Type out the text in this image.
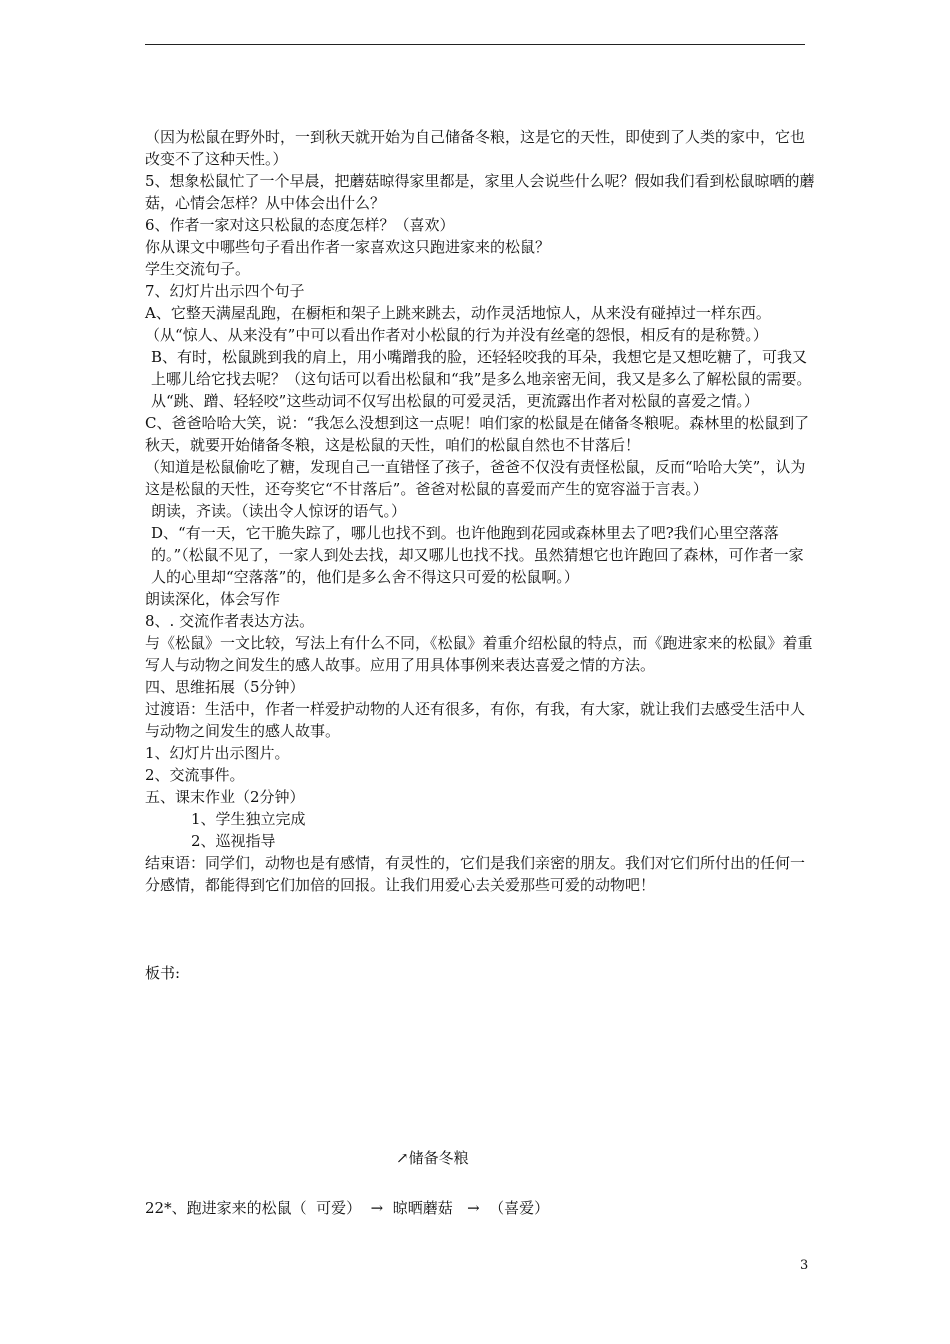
（因为松鼠在野外时，一到秋天就开始为自己储备冬粮，这是它的天性，即使到了人类的家中，它也改变不了这种天性。）

5、想象松鼠忙了一个早晨，把蘑菇晾得家里都是，家里人会说些什么呢？假如我们看到松鼠晾晒的蘑菇，心情会怎样？从中体会出什么？

6、作者一家对这只松鼠的态度怎样？（喜欢）

你从课文中哪些句子看出作者一家喜欢这只跑进家来的松鼠？

学生交流句子。

7、幻灯片出示四个句子

A、它整天满屋乱跑，在橱柜和架子上跳来跳去，动作灵活地惊人，从来没有碰掉过一样东西。（从“惊人、从来没有”中可以看出作者对小松鼠的行为并没有丝毫的怨恨，相反有的是称赞。）

B、有时，松鼠跳到我的肩上，用小嘴蹭我的脸，还轻轻咬我的耳朵，我想它是又想吃糖了，可我又上哪儿给它找去呢？（这句话可以看出松鼠和“我”是多么地亲密无间，我又是多么了解松鼠的需要。从“跳、蹭、轻轻咬”这些动词不仅写出松鼠的可爱灵活，更流露出作者对松鼠的喜爱之情。）

C、爸爸哈哈大笑，说：“我怎么没想到这一点呢！咱们家的松鼠是在储备冬粮呢。森林里的松鼠到了秋天，就要开始储备冬粮，这是松鼠的天性，咱们的松鼠自然也不甘落后！

（知道是松鼠偷吃了糖，发现自己一直错怪了孩子，爸爸不仅没有责怪松鼠，反而“哈哈大笑”，认为这是松鼠的天性，还夸奖它“不甘落后”。爸爸对松鼠的喜爱而产生的宽容溢于言表。）

朗读，齐读。（读出令人惊讶的语气。）

D、“有一天，它干脆失踪了，哪儿也找不到。也许他跑到花园或森林里去了吧?我们心里空落落的。”（松鼠不见了，一家人到处去找，却又哪儿也找不找。虽然猜想它也许跑回了森林，可作者一家人的心里却“空落落”的，他们是多么舍不得这只可爱的松鼠啊。）

朗读深化，体会写作

8、. 交流作者表达方法。

与《松鼠》一文比较，写法上有什么不同，《松鼠》着重介绍松鼠的特点，而《跑进家来的松鼠》着重写人与动物之间发生的感人故事。应用了用具体事例来表达喜爱之情的方法。

四、思维拓展（5分钟）

过渡语：生活中，作者一样爱护动物的人还有很多，有你，有我，有大家，就让我们去感受生活中人与动物之间发生的感人故事。

1、幻灯片出示图片。

2、交流事件。

五、课末作业（2分钟）

1、学生独立完成

2、巡视指导

结束语：同学们，动物也是有感情，有灵性的，它们是我们亲密的朋友。我们对它们所付出的任何一分感情，都能得到它们加倍的回报。让我们用爱心去关爱那些可爱的动物吧！

板书:

↗储备冬粮
22*、跑进家来的松鼠（  可爱）  →  晾晒蘑菇   →  （喜爱）
3
